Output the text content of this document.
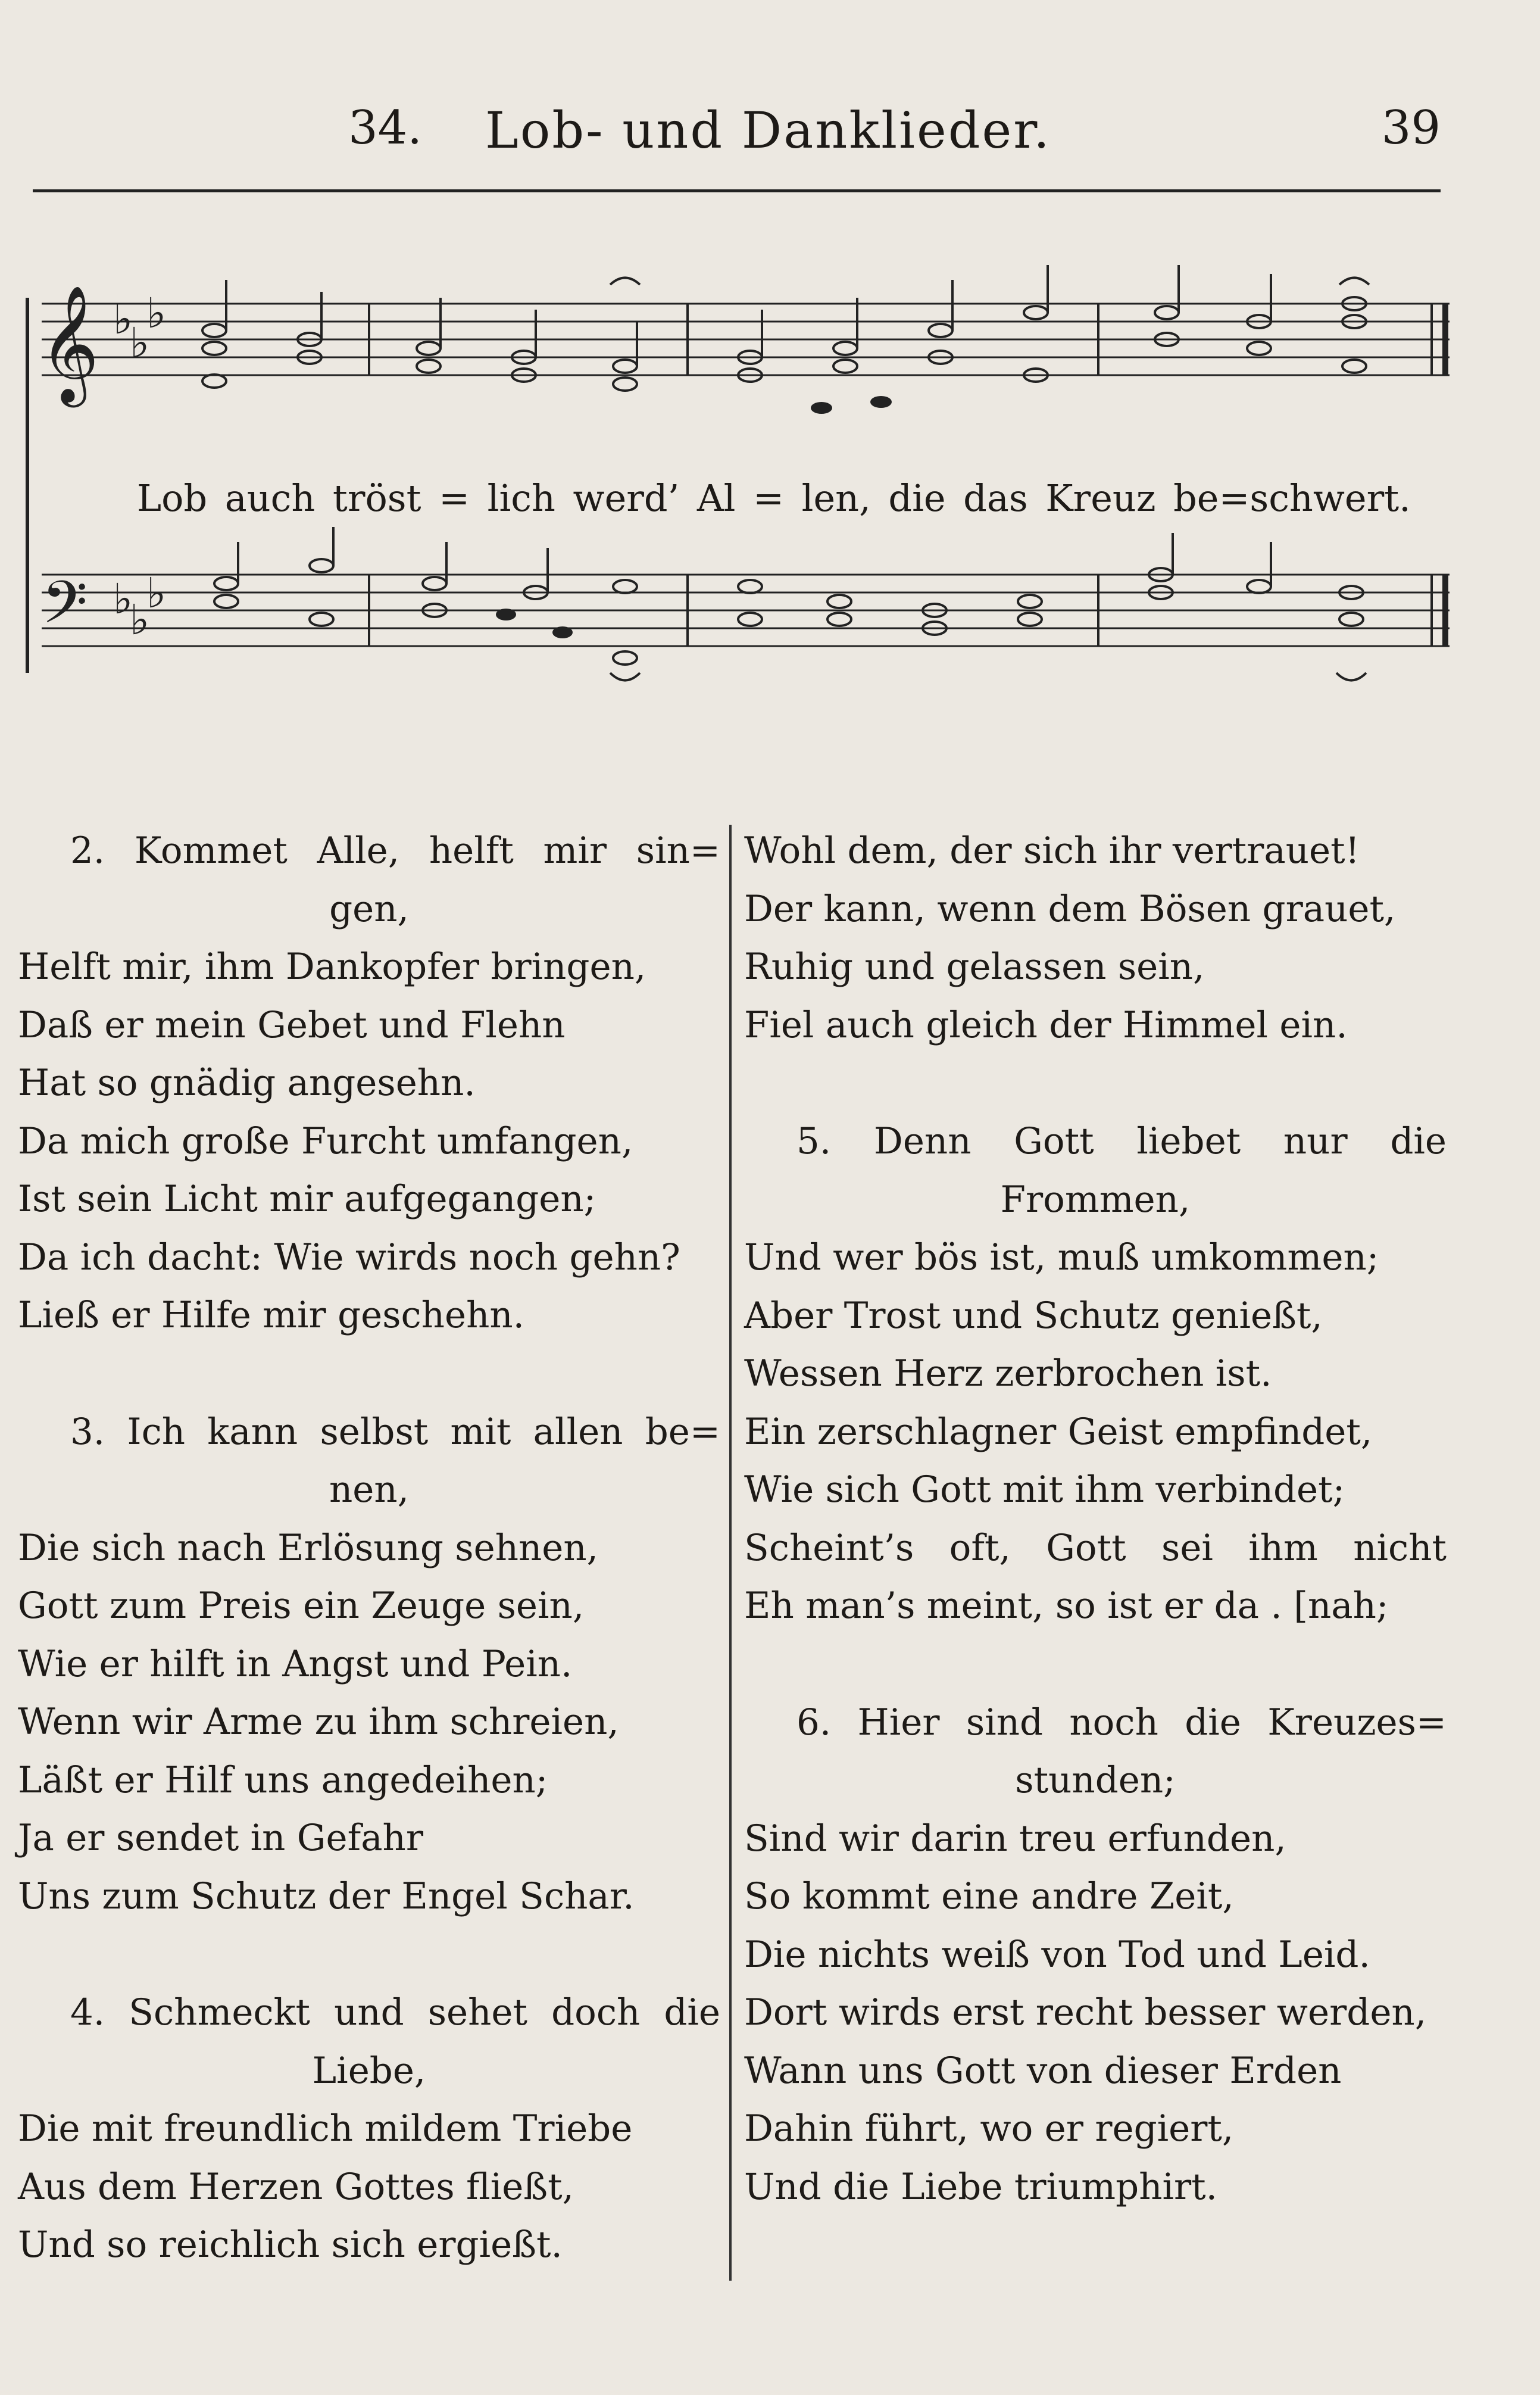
34. Lob- und Danklieder.	39
𝄞
𝄢
♭
♭
♭
♭
♭
♭
Lob auch tröst = lich werd’ Al = len, die das Kreuz be=schwert.
2. Kommet Alle, helft mir sin=
gen,
Helft mir, ihm Dankopfer bringen,
Daß er mein Gebet und Flehn
Hat so gnädig angesehn.
Da mich große Furcht umfangen,
Ist sein Licht mir aufgegangen;
Da ich dacht: Wie wirds noch gehn?
Ließ er Hilfe mir geschehn.
3. Ich kann selbst mit allen be=
nen,
Die sich nach Erlösung sehnen,
Gott zum Preis ein Zeuge sein,
Wie er hilft in Angst und Pein.
Wenn wir Arme zu ihm schreien,
Läßt er Hilf uns angedeihen;
Ja er sendet in Gefahr
Uns zum Schutz der Engel Schar.
4. Schmeckt und sehet doch die
Liebe,
Die mit freundlich mildem Triebe
Aus dem Herzen Gottes fließt,
Und so reichlich sich ergießt.
Wohl dem, der sich ihr vertrauet!
Der kann, wenn dem Bösen grauet,
Ruhig und gelassen sein,
Fiel auch gleich der Himmel ein.
5. Denn Gott liebet nur die
Frommen,
Und wer bös ist, muß umkommen;
Aber Trost und Schutz genießt,
Wessen Herz zerbrochen ist.
Ein zerschlagner Geist empfindet,
Wie sich Gott mit ihm verbindet;
Scheint’s oft, Gott sei ihm nicht
Eh man’s meint, so ist er da . [nah;
6. Hier sind noch die Kreuzes=
stunden;
Sind wir darin treu erfunden,
So kommt eine andre Zeit,
Die nichts weiß von Tod und Leid.
Dort wirds erst recht besser werden,
Wann uns Gott von dieser Erden
Dahin führt, wo er regiert,
Und die Liebe triumphirt.
